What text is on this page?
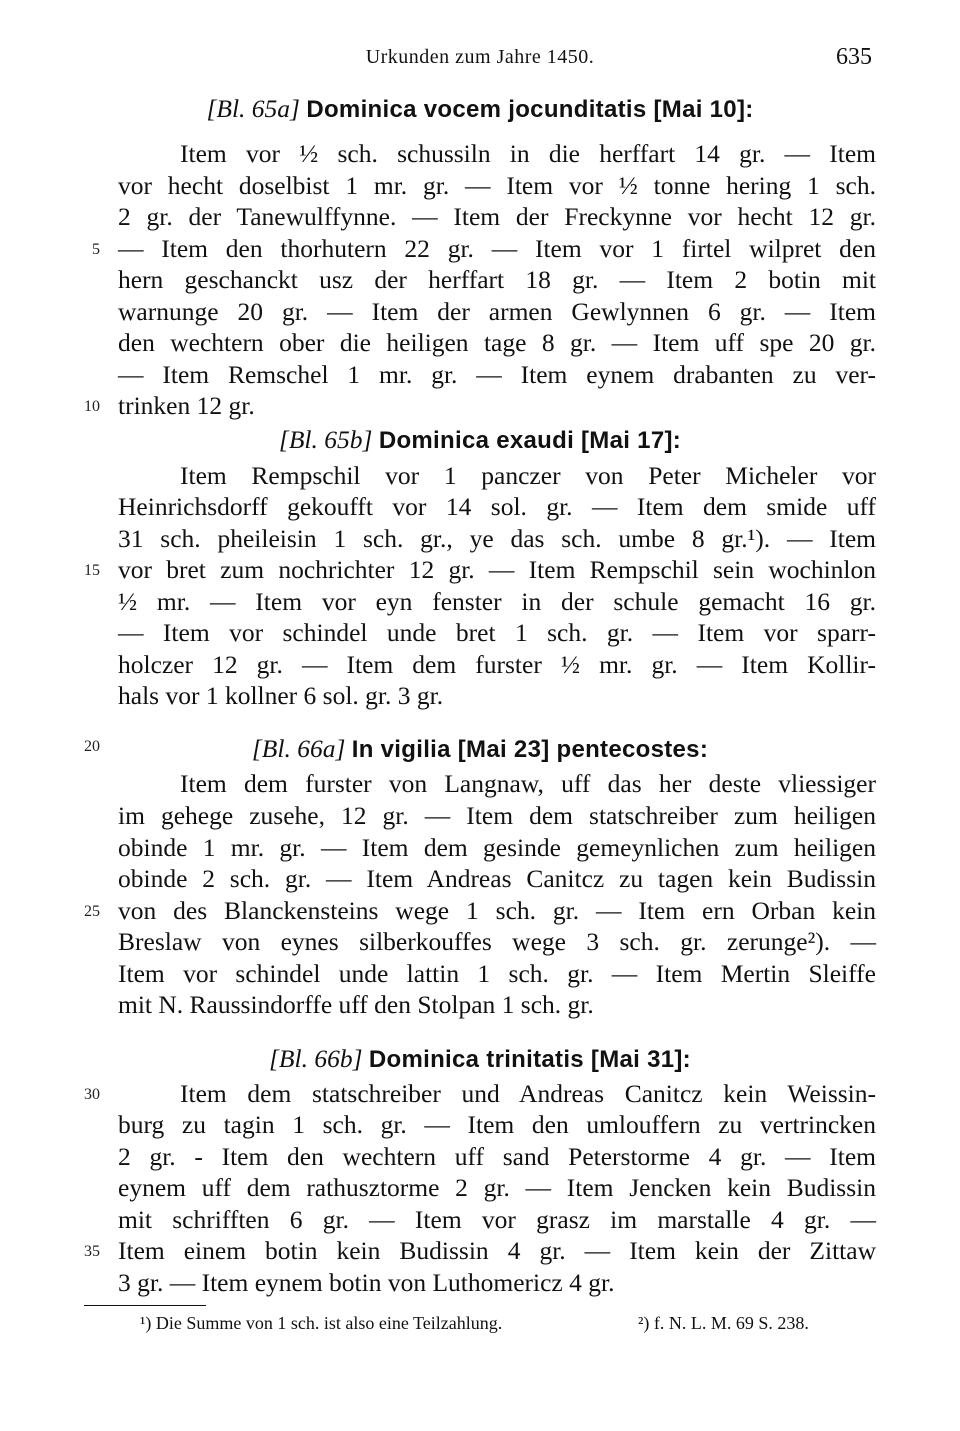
Urkunden zum Jahre 1450.	635
[Bl. 65a] Dominica vocem jocunditatis [Mai 10]:
Item vor ½ sch. schussiln in die herffart 14 gr. — Item
vor hecht doselbist 1 mr. gr. — Item vor ½ tonne hering 1 sch.
2 gr. der Tanewulffynne. — Item der Freckynne vor hecht 12 gr.
— Item den thorhutern 22 gr. — Item vor 1 firtel wilpret den
hern geschanckt usz der herffart 18 gr. — Item 2 botin mit
warnunge 20 gr. — Item der armen Gewlynnen 6 gr. — Item
den wechtern ober die heiligen tage 8 gr. — Item uff spe 20 gr.
— Item Remschel 1 mr. gr. — Item eynem drabanten zu ver-
trinken 12 gr.
[Bl. 65b] Dominica exaudi [Mai 17]:
Item Rempschil vor 1 panczer von Peter Micheler vor
Heinrichsdorff gekoufft vor 14 sol. gr. — Item dem smide uff
31 sch. pheileisin 1 sch. gr., ye das sch. umbe 8 gr.¹). — Item
vor bret zum nochrichter 12 gr. — Item Rempschil sein wochinlon
½ mr. — Item vor eyn fenster in der schule gemacht 16 gr.
— Item vor schindel unde bret 1 sch. gr. — Item vor sparr-
holczer 12 gr. — Item dem furster ½ mr. gr. — Item Kollir-
hals vor 1 kollner 6 sol. gr. 3 gr.
[Bl. 66a] In vigilia [Mai 23] pentecostes:
Item dem furster von Langnaw, uff das her deste vliessiger
im gehege zusehe, 12 gr. — Item dem statschreiber zum heiligen
obinde 1 mr. gr. — Item dem gesinde gemeynlichen zum heiligen
obinde 2 sch. gr. — Item Andreas Canitcz zu tagen kein Budissin
von des Blanckensteins wege 1 sch. gr. — Item ern Orban kein
Breslaw von eynes silberkouffes wege 3 sch. gr. zerunge²). —
Item vor schindel unde lattin 1 sch. gr. — Item Mertin Sleiffe
mit N. Raussindorffe uff den Stolpan 1 sch. gr.
[Bl. 66b] Dominica trinitatis [Mai 31]:
Item dem statschreiber und Andreas Canitcz kein Weissin-
burg zu tagin 1 sch. gr. — Item den umlouffern zu vertrincken
2 gr. - Item den wechtern uff sand Peterstorme 4 gr. — Item
eynem uff dem rathusztorme 2 gr. — Item Jencken kein Budissin
mit schrifften 6 gr. — Item vor grasz im marstalle 4 gr. —
Item einem botin kein Budissin 4 gr. — Item kein der Zittaw
3 gr. — Item eynem botin von Luthomericz 4 gr.
5
10
15
20
25
30
35
¹) Die Summe von 1 sch. ist also eine Teilzahlung.	²) f. N. L. M. 69 S. 238.
